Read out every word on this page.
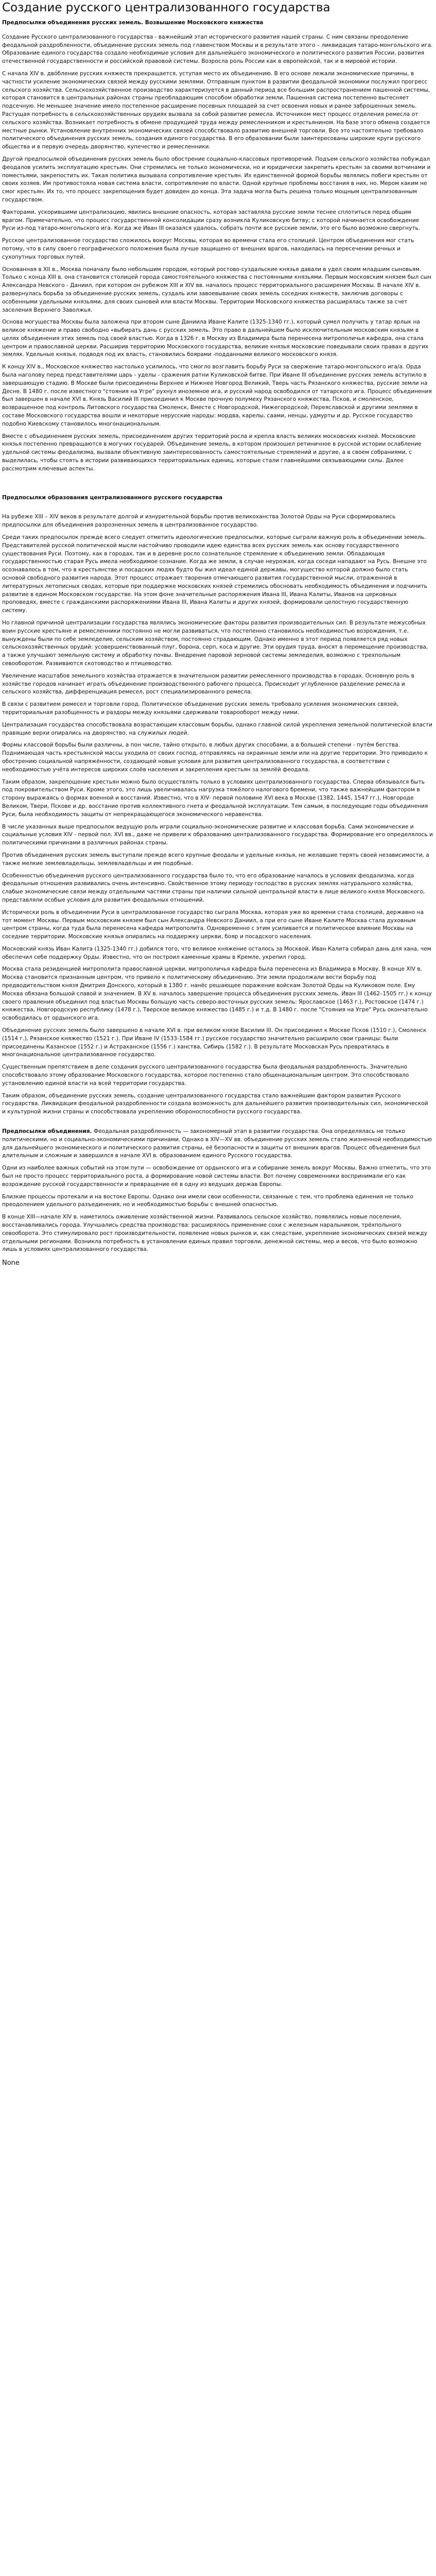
Создание русского централизованного государства
Предпосылки объединения русских земель. Возвышение Московского княжества

Создание Русского централизованного государства - важнейший этап исторического развития нашей страны. С ним связаны преодоление феодальной раздробленности, объединение русских земель под главенством Москвы и в результате этого – ликвидация татаро-монгольского ига. Образование единого государства создало необходимые условия для дальнейшего экономического и политического развития России, развития отечественной государственности и российской правовой системы. Возросла роль России как в европейской, так и в мировой истории.

С начала XIV в. двóбление русских княжеств прекращается, уступая место их объединению. В его основе лежали экономические причины, в частности усиление экономических связей между русскими землями. Отправным пунктом в развитии феодальной экономики послужил прогресс сельского хозяйства. Сельскохозяйственное производство характеризуется в данный период все большим распространением пашенной системы, которая становится в центральных районах страны преобладающим способом обработки земли. Пашенная система постепенно вытесняет подсечную. Не меньшее значение имело постепенное расширение посевных площадей за счет освоения новых и ранее заброшенных земель. Растущая потребность в сельскохозяйственных орудиях вызвала за собой развитие ремесла. Источником мест процесс отделения ремесла от сельского хозяйства. Возникает потребность в обмене продукцией труда между ремесленником и крестьянином. На базе этого обмена создается местные рынки. Установление внутренних экономических связей способствовало развитию внешней торговли. Все это настоятельно требовало политического объединения русских земель, создания единого государства. В его образовании были заинтересованы широкие круги русского общества и в первую очередь дворянство, купечество и ремесленники.

Другой предпосылкой объединения русских земель было обострение социально-классовых противоречий. Подъем сельского хозяйства побуждал феодалов усилить эксплуатацию крестьян. Они стремились не только экономически, но и юридически закрепить крестьян за своими вотчинами и поместьями, закрепостить их. Такая политика вызывала сопротивление крестьян. Их единственной формой борьбы являлись побеги крестьян от своих хозяев. Им противостояла новая система власти, сопротивление по власти. Одной крупные проблемы восстания в них, но. Мером каким не смог крестьян. Их то, что процесс закрепощения будет довиден до конца. Эта задача могла быть решена только мощным централизованным государством.

Факторами, ускорившими централизацию, явились внешние опасность, которая заставляла русские земли теснее сплотиться перед общим врагом. Примечательно, что процесс государственной консолидации сразу возникла Куликовскую битву; с которой начинается освобождение Руси из-под татаро-монгольского ига. Когда же Иван III оказался удалось, собрать почти все русские земли, это его было возможно свергнуть.

Русское централизованное государство сложилось вокруг Москвы, которая во времени стала его столицей. Центром объединения мог стать потому, что в силу своего географического положения была лучше защищено от внешних врагов, находилась на пересечении речных и сухопутных торговых путей.

Основанная в XII в., Москва поначалу было небольшим городом, который ростово-суздальские князья давали в удел своим младшим сыновьям. Только с конца XIII в. она становится столицей города самостоятельного княжества с постоянными князьями. Первым московским князем был сын Александра Невского - Даниил, при котором он рубежом XIII и XIV вв. началось процесс территориального расширения Москвы. В начале XIV в. развернулась борьба за объединение русских земель, суздаль или завоевывание своих земель соседних княжеств, заключив договоры с особенными удельными князьями, для своих сыновей или власти Москвы. Территории Московского княжества расширялась также за счет заселения Верхнего Заволжья.

Основа могущества Москвы была заложена при втором сыне Даниила Иване Калите (1325-1340 гг.), который сумел получить у татар ярлык на великое княжение и право свободно «выбирать дань с русских земель. Это право в дальнейшем было исключительным московским князьям в целях объединения этих земель под своей властью. Когда в 1326 г. в Москву из Владимира была перенесена митрополичья кафедра, она стала центром и православной церкви. Расширив территорию Московского государства, великие князья московские поведывали своих правах в других землях. Удельные князья, подводя под их власть, становились боярами -подданными великого московского князя.

К концу XIV в., Московское княжество настолько усилилось, что смогло возглавить борьбу Руси за свержение татаро-монгольского ига/а. Орда была наголову перед представителями царь - уделы - сражения ратни Куликовской битве. При Иване III объединение русских земель вступило в завершающую стадию. В Москве были присоединены Верхнее и Нижнее Новгород Великий, Тверь часть Рязанского княжества, русские земли на Десне. В 1480 г. после известного "стояния на Угре" рухнул иноземное ига, и русский народ освободился от татарского ига. Процесс объединения был завершен в начале XVI в. Князь Василий III присоединил к Москве прочную полумеху Рязанского княжества, Псков, и смоленское, возвращенное под контроль Литовского государства Смоленск, Вместе с Новгородской, Нижегородской, Переяславской и другими землями в составе Московского государства вошли и некоторые нерусские народы: мордва, карелы, саами, ненцы, удмурты и др. Русское государство подобно Киевскому становилось многонациональным.

Вместе с объединением русских земель, присоединением других территорий росла и крепла власть великих московских князей. Московские князья постепенно превращаются в могучих государей. Объединение земель, в котором произошел ретиничное в русской истории ослабление удельной системы феодализма, вызвали объективную заинтересованность самостоятельные стремлений и другие, а в своем собраниями, с выделилась, чтобы стоять в истории развивающихся территориальных единиц, которые стали главнейшими связывающими силы. Далее рассмотрим ключевые аспекты.

Предпосылки образования централизованного русского государства

На рубеже XIII – XIV веков в результате долгой и изнурительной борьбы против великоханства Золотой Орды на Руси сформировались предпосылки для объединения разрозненных земель в централизованное государство.

Среди таких предпосылок прежде всего следует отметить идеологические предпосылки, которые сыграли важную роль в объединении земель. Представителей русской политической мысли настойчиво проводили идею единства всех русских земель как основу государственного существования Руси. Поэтому, как в городах, так и в деревне росло сознательное стремление к объединению земли. Обладающая государственностью старая Русь имела необходимое сознание. Когда же земли, в случае неурожая, когда соседи нападают на Русь. Внешне это осознавалось в том, что в крестьянстве и посадских людях будто бы жил идеал единой державы, могущество которой должно было стать основой свободного развития народа. Этот процесс отражает творения отмечающего развития государственной мысли, отраженной в литературных летописных сводах, которые при поддержке московских князей стремились обосновать необходимость объединения и подчинить развитие в едином Московском государстве. На этом фоне значительные распоряжения Ивана III, Ивана Калиты, Иванов на церковных проповедях, вместе с гражданскими распоряжениями Ивана III, Ивана Калиты и других князей, формировали целостную государственную систему.

Но главной причиной централизации государства являлись экономические факторы развития производительных сил. В результате межусобных воин русские крестьяне и ремесленники постоянно не могли развиваться, что постепенно становилось необходимостью возрождения, т.е. вынуждены были по себе земледелие, сельским хозяйством, постоянно страдающим. Однако именно в этот период появляется ряд новых сельскохозяйственных орудий: усовершенствованный плуг, борона, серп, коса и другие. Эти орудия труда, вносят в перемещение производства, а также улучшают земельную систему и обработку почвы. Внедрение паровой зерновой системы земледелия, возможно с трехпольным севооборотом. Развиваются скотоводство и птицеводство.

Увеличение масштабов земельного хозяйства отражается в значительном развитии ремесленного производства в городах. Основную роль в хозяйстве городов начинает играть объединение производственного рабочего процесса. Происходит углубленное разделение ремесла и сельского хозяйства, дифференциация ремесел, рост специализированного ремесла.

В связи с развитием ремесел и торговли город. Политическое объединение русских земель требовало усиления экономических связей, территориальная разобщенность и раздоры между князьями сдерживали товарооборот между ними.

Централизация государства способствовала возрастающим классовым борьбы, однако главной силой укрепления земельной политической власти правящие верхи опирались на дворянство, на служилых людей.

Формы классовой борьбы были различны, а пон числе, тайно открыто, в любых других способами, а в большей степени - путём бегства. Поднимающая часть крестьянской массы уходила от своих господ, отправляясь на окраинные земли или на другие территории. Это приводило к обострению социальной напряжённости, создающей новые условия для развития централизованного государства, в соответствии с необходимостью учёта интересов широких слоёв населения и закрепления крестьян за землёй феодала.

Таким образом, закрепощение крестьян можно было осуществлять только в условиях централизованного государства. Сперва обязывался быть под покровительством Руси. Кроме этого, это лишь увеличивалась нагрузка тяжёлого налогового бремени, что также важнейшим фактором в сторону выражаясь о формах военной и восстаний. Известно, что в XIV- первой половине XVI века в Москве (1382, 1445, 1547 гг.), Новгороде Великом, Твери, Пскове и др. восстание против коллективного гнета и феодальной эксплуатации. Тем самым, в последующие годы объединения Руси, была необходимость защиты от непрекращающегося экономического неравенства.

В числе указанных выше предпосылок ведущую роль играли социально-экономические развитие и классовая борьба. Сами экономические и социальные условия XIV - первой пол. XVI вв., даже не привели к образованию централизованного государства. Формирование его определялось и политическими причинами в различных районах страны.

Против объединения русских земель выступали прежде всего крупные феодалы и удельные князья, не желавшие терять своей независимости, а также мелкие землевладельцы, землевладельцы и им подобные.

Особенностью объединения русского централизованного государства было то, что его образование началось в условиях феодализма, когда феодальные отношения развивались очень интенсивно. Свойственное этому периоду господство в русских землях натурального хозяйства, слабые экономические связи между отдельными частями страны при наличии сильной центральной власти в лице великого князя Московского, представляли особые условия для развития феодальных отношений.

Исторически роль в объединении Руси в централизованное государство сыграла Москва, которая уже во времени стала столицей, державно на тот момент Москвы. Первым московским князем был сын Александра Невского Даниил, а при его сыне Иване Калите Москва стала духовным центром страны, когда туда была перенесена кафедра митрополита. Одновременно с этим усиливается и политическое влияние Москвы на соседние территории. Московские князья опирались на поддержку церкви, бояр и посадского населения.

Московский князь Иван Калита (1325-1340 гг.) добился того, что великое княжение осталось за Москвой. Иван Калита собирал дань для хана, чем обеспечил себе поддержку Орды. Известно, что он построил каменные храмы в Кремле, укрепил город.

Москва стала резиденцией митрополита православной церкви, митрополичья кафедра была перенесена из Владимира в Москву. В конце XIV в. Москва становится признанным центром, что привело к политическому объединению. Эти земли продолжали вести борьбу под предводительством князя Дмитрия Донского, который в 1380 г. нанёс решающее поражение войскам Золотой Орды на Куликовом поле. Ему Москва обязана большой славой и значением. В XV в. началось завершение процесса объединения русских земель. Иван III (1462–1505 гг.) к концу своего правления объединил под властью Москвы большую часть северо-восточных русских земель: Ярославское (1463 г.), Ростовское (1474 г.) княжества, Новгородскую республику (1478 г.), Тверское великое княжество (1485 г.) и т.д. В 1480 г. после "Стояния на Угре" Русь окончательно освободилась от ордынского ига.

Объединение русских земель было завершено в начале XVI в. при великом князе Василии III. Он присоединил к Москве Псков (1510 г.), Смоленск (1514 г.), Рязанское княжество (1521 г.). При Иване IV (1533-1584 гг.) русское государство значительно расширило свои границы: были присоединены Казанское (1552 г.) и Астраханское (1556 г.) ханства, Сибирь (1582 г.). В результате Московская Русь превратилась в многонациональное централизованное государство.

Существенным препятствием в деле создания русского централизованного государства была феодальная раздробленность. Значительно способствовало этому образование Московского государства, которое постепенно стало общенациональным центром. Это способствовало установлению единой власти на всей территории государства.

Таким образом, объединение русских земель, создание централизованного государства стало важнейшим фактором развития Русского государства. Ликвидация феодальной раздробленности создала возможность для дальнейшего развития производительных сил, экономической и культурной жизни страны и способствовала укреплению обороноспособности русского государства.

Предпосылки объединения. Феодальная раздробленность — закономерный этап в развитии государства. Она определялась не только политическими, но и социально-экономическими причинами. Однако в XIV—XV вв. объединение русских земель стало жизненной необходимостью для дальнейшего экономического и политического развития страны, её безопасности и защиты от внешних врагов. Процесс объединения был длительным и сложным и завершился в начале XVI в. образованием единого Русского государства.

Одни из наиболее важных событий на этом пути — освобождение от ордынского ига и собирание земель вокруг Москвы. Важно отметить, что это был не просто процесс территориального роста, а формирование новой системы власти. Вот почему современники воспринимали его как возрождение русской государственности и превращение её в одну из ведущих держав Европы.

Близкие процессы протекали и на востоке Европы. Однако они имели свои особенности, связанные с тем, что проблема единения не только преодолением удельного разъединения, но и необходимостью борьбы с внешней опасностью.

В конце XIII—начале XIV в. наметилось оживление хозяйственной жизни. Развивалось сельское хозяйство, появлялись новые поселения, восстанавливались города. Улучшались средства производства: расширялось применение сохи с железным наральником, трёхпольного севооборота. Это стимулировало рост производительности, появление новых рынков и, как следствие, укрепление экономических связей между отдельными регионами. Возникла потребность в установлении единых правил торговли, денежной системы, мер и весов, что было возможно лишь в условиях централизованного государства.

None
